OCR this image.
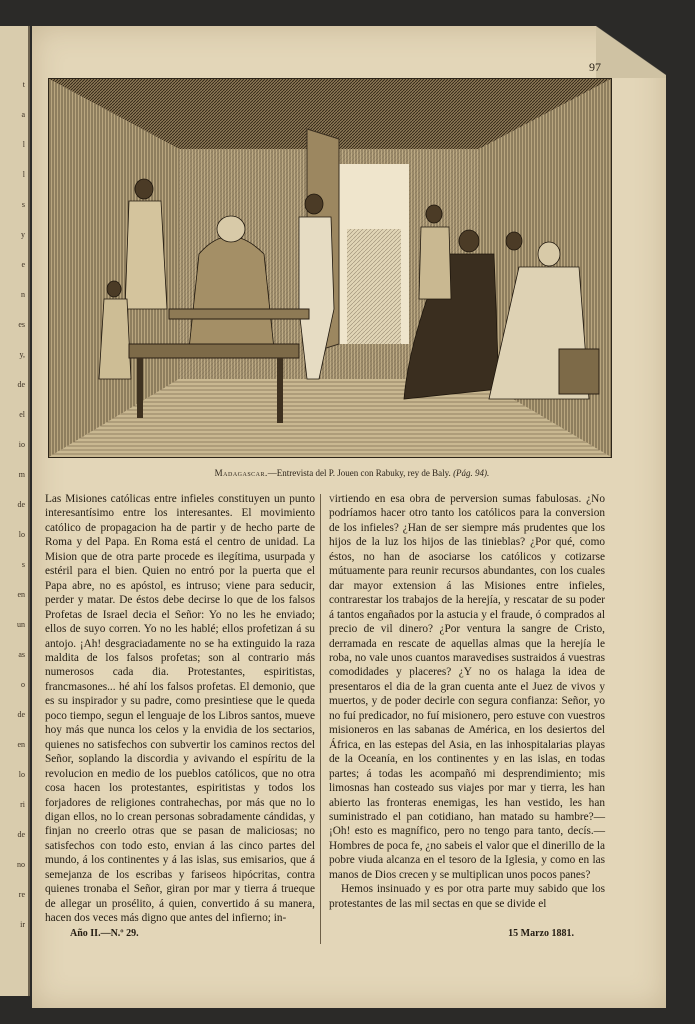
t
a
l
l
s
y
e
n
es
y,
de
el
io
m
de
lo
s
en
un
as
o
de
en
lo
ri
de
no
re
ir
97
Madagascar.—Entrevista del P. Jouen con Rabuky, rey de Baly. (Pág. 94).

Las Misiones católicas entre infieles constituyen un punto interesantísimo entre los interesantes. El movimiento católico de propagacion ha de partir y de hecho parte de Roma y del Papa. En Roma está el centro de unidad. La Mision que de otra parte procede es ilegítima, usurpada y estéril para el bien. Quien no entró por la puerta que el Papa abre, no es apóstol, es intruso; viene para seducir, perder y matar. De éstos debe decirse lo que de los falsos Profetas de Israel decia el Señor: Yo no les he enviado; ellos de suyo corren. Yo no les hablé; ellos profetizan á su antojo. ¡Ah! desgraciadamente no se ha extinguido la raza maldita de los falsos profetas; son al contrario más numerosos cada dia. Protestantes, espiritistas, francmasones... hé ahí los falsos profetas. El demonio, que es su inspirador y su padre, como presintiese que le queda poco tiempo, segun el lenguaje de los Libros santos, mueve hoy más que nunca los celos y la envidia de los sectarios, quienes no satisfechos con subvertir los caminos rectos del Señor, soplando la discordia y avivando el espíritu de la revolucion en medio de los pueblos católicos, que no otra cosa hacen los protestantes, espiritistas y todos los forjadores de religiones contrahechas, por más que no lo digan ellos, no lo crean personas sobradamente cándidas, y finjan no creerlo otras que se pasan de maliciosas; no satisfechos con todo esto, envian á las cinco partes del mundo, á los continentes y á las islas, sus emisarios, que á semejanza de los escribas y fariseos hipócritas, contra quienes tronaba el Señor, giran por mar y tierra á trueque de allegar un prosélito, á quien, convertido á su manera, hacen dos veces más digno que antes del infierno; in-

virtiendo en esa obra de perversion sumas fabulosas. ¿No podríamos hacer otro tanto los católicos para la conversion de los infieles? ¿Han de ser siempre más prudentes que los hijos de la luz los hijos de las tinieblas? ¿Por qué, como éstos, no han de asociarse los católicos y cotizarse mútuamente para reunir recursos abundantes, con los cuales dar mayor extension á las Misiones entre infieles, contrarestar los trabajos de la herejía, y rescatar de su poder á tantos engañados por la astucia y el fraude, ó comprados al precio de vil dinero? ¿Por ventura la sangre de Cristo, derramada en rescate de aquellas almas que la herejía le roba, no vale unos cuantos maravedises sustraidos á vuestras comodidades y placeres? ¿Y no os halaga la idea de presentaros el dia de la gran cuenta ante el Juez de vivos y muertos, y de poder decirle con segura confianza: Señor, yo no fuí predicador, no fuí misionero, pero estuve con vuestros misioneros en las sabanas de América, en los desiertos del África, en las estepas del Asia, en las inhospitalarias playas de la Oceanía, en los continentes y en las islas, en todas partes; á todas les acompañó mi desprendimiento; mis limosnas han costeado sus viajes por mar y tierra, les han abierto las fronteras enemigas, les han vestido, les han suministrado el pan cotidiano, han matado su hambre?—¡Oh! esto es magnífico, pero no tengo para tanto, decís.— Hombres de poca fe, ¿no sabeis el valor que el dinerillo de la pobre viuda alcanza en el tesoro de la Iglesia, y como en las manos de Dios crecen y se multiplican unos pocos panes?

Hemos insinuado y es por otra parte muy sabido que los protestantes de las mil sectas en que se divide el

Año II.—N.º 29.	15 Marzo 1881.
